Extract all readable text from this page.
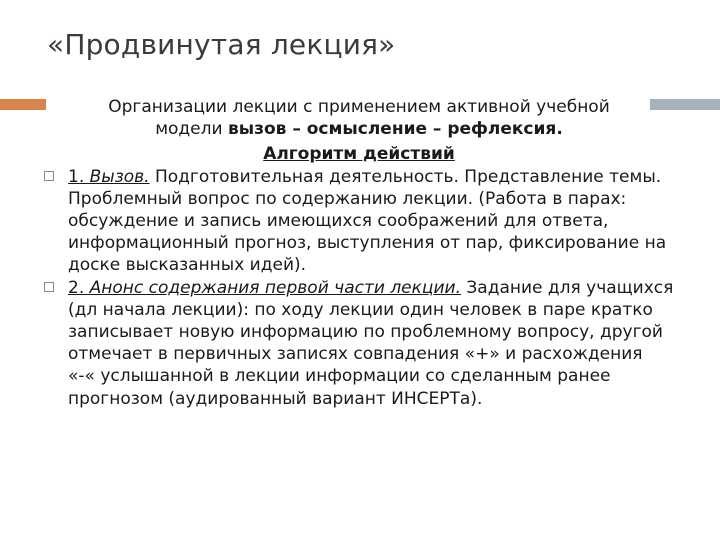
«Продвинутая лекция»
Организации лекции с применением активной учебной
модели вызов – осмысление – рефлексия.
Алгоритм действий
1. Вызов. Подготовительная деятельность. Представление темы. Проблемный вопрос по содержанию лекции. (Работа в парах: обсуждение и запись имеющихся соображений для ответа, информационный прогноз, выступления от пар, фиксирование на доске высказанных идей).
2. Анонс содержания первой части лекции. Задание для учащихся (дл начала лекции): по ходу лекции один человек в паре кратко записывает новую информацию по проблемному вопросу, другой отмечает в первичных записях совпадения «+» и расхождения «-« услышанной в лекции информации со сделанным ранее прогнозом (аудированный вариант ИНСЕРТа).
